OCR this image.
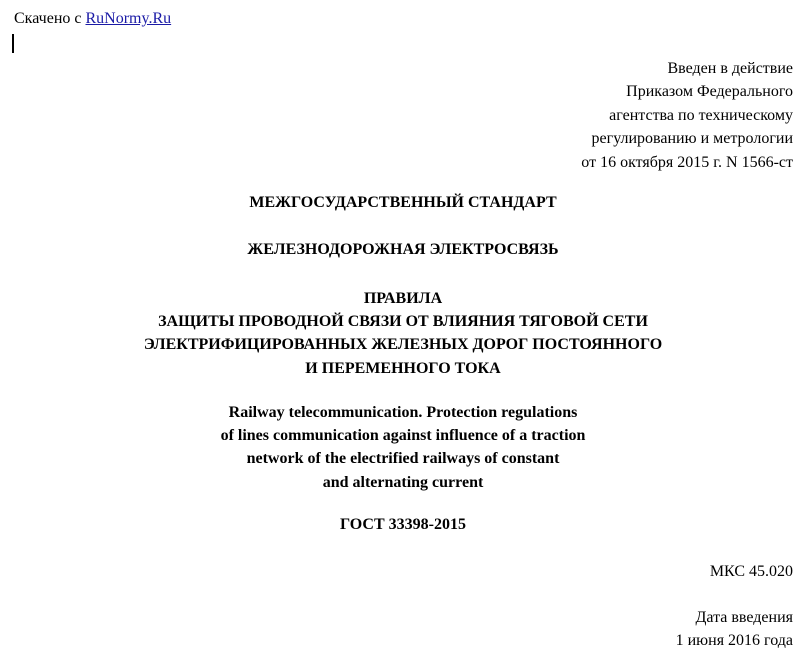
Скачено с RuNormy.Ru
Введен в действие
Приказом Федерального
агентства по техническому
регулированию и метрологии
от 16 октября 2015 г. N 1566-ст
МЕЖГОСУДАРСТВЕННЫЙ СТАНДАРТ
ЖЕЛЕЗНОДОРОЖНАЯ ЭЛЕКТРОСВЯЗЬ
ПРАВИЛА
ЗАЩИТЫ ПРОВОДНОЙ СВЯЗИ ОТ ВЛИЯНИЯ ТЯГОВОЙ СЕТИ
ЭЛЕКТРИФИЦИРОВАННЫХ ЖЕЛЕЗНЫХ ДОРОГ ПОСТОЯННОГО
И ПЕРЕМЕННОГО ТОКА
Railway telecommunication. Protection regulations
of lines communication against influence of a traction
network of the electrified railways of constant
and alternating current
ГОСТ 33398-2015
МКС 45.020
Дата введения
1 июня 2016 года
